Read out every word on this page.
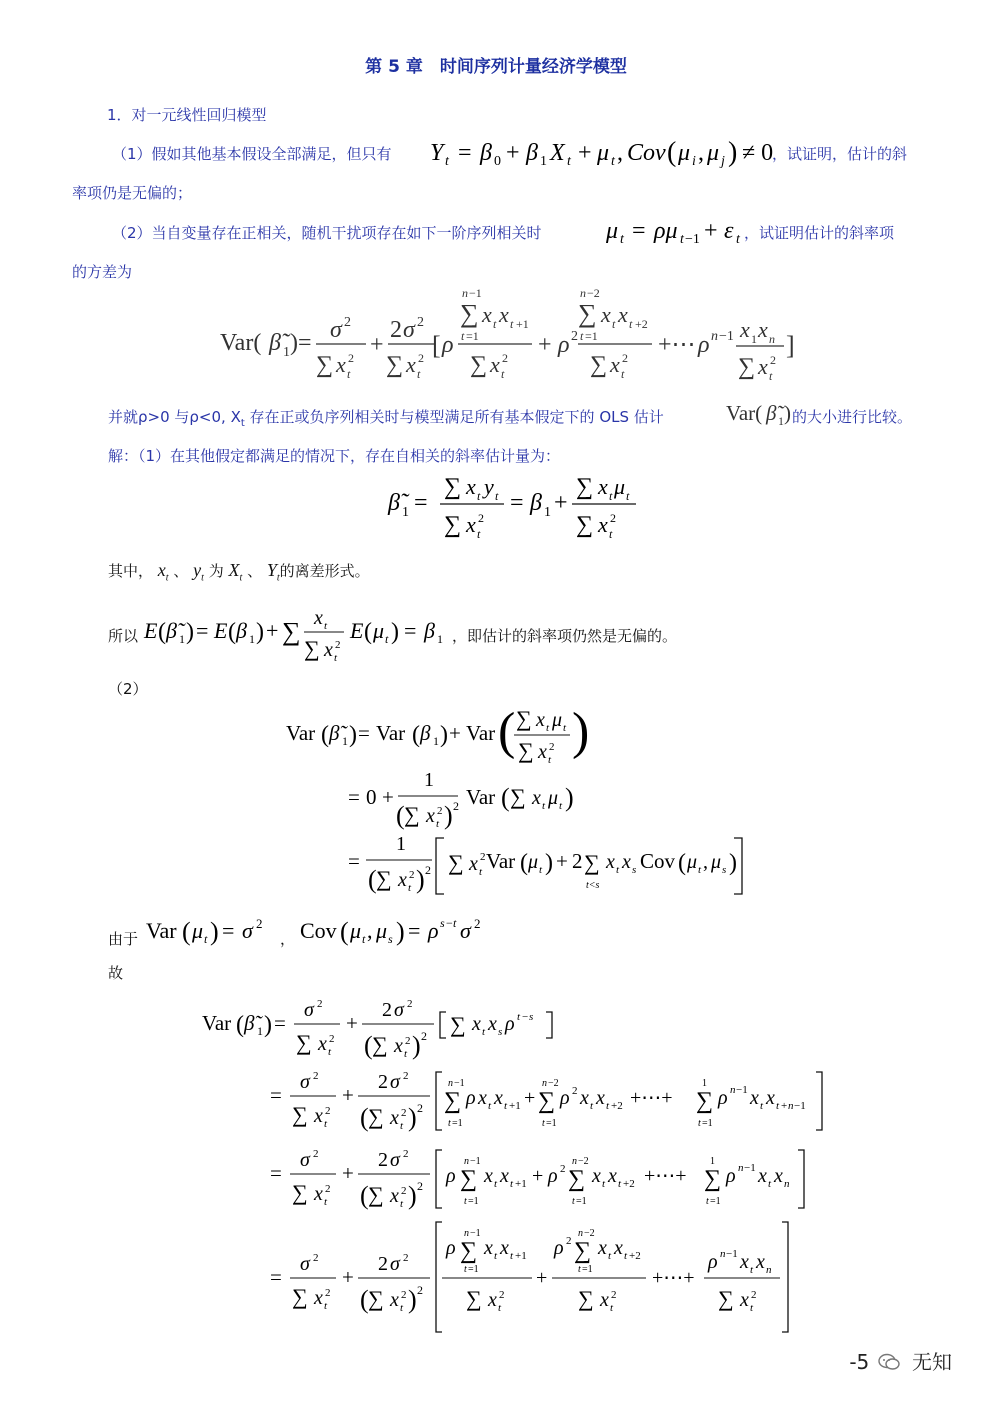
第 5 章　时间序列计量经济学模型
1．对一元线性回归模型
（1）假如其他基本假设全部满足，但只有 Y t = β 0 + β 1 X t + μ t , Cov ( μ i , μ j ) ≠ 0
，试证明，估计的斜
率项仍是无偏的；
（2）当自变量存在正相关，随机干扰项存在如下一阶序列相关时	μ t = ρμ t −1 + ε t ，试证明估计的斜率项
的方差为
Var( β̃ 1 )= σ 2
∑ x t
2 +
2 σ 2
∑ x t
2 [ ρ
n −1
∑ x t x t +1
t =1
∑ x t
2 + ρ 2
n −2
∑ x t x t +2
t =1
∑ x t
2 +⋯ ρ n −1 x 1 x n
∑ x t
2 ]
并就ρ>0 与ρ<0, $X_t$ 存在正或负序列相关时与模型满足所有基本假定下的 OLS 估计	Var( β̃ 1 ) 的大小进行比较。
解：（1）在其他假定都满足的情况下，存在自相关的斜率估计量为：
β̃ 1 =
∑ x t y t
∑ x t
2
= β 1 +
∑ x t μ t
∑ x t
2
其中， $x_t$ 、 $y_t$ 为 $X_t$ 、 $Y_t$的离差形式。
所以 E ( β̃ 1 ) = E ( β 1 ) + ∑ x t
∑ x t
2
E ( μ t ) = β 1 ，即估计的斜率项仍然是无偏的。
（2）
Var ( β̃ 1 ) = Var ( β 1 ) + Var ( ∑ x t μ t
∑ x t
2 )
= 0 +
1
( ∑ x t
2 ) 2 Var ( ∑ x t μ t )
=
1
( ∑ x t
2 ) 2 ∑ x t
2 Var ( μ t ) + 2 ∑
t<s
x t x s Cov ( μ t , μ s )
由于 Var ( μ t ) = σ 2 Cov ( μ t , μ s ) = ρ s − t σ 2
，
故
Var ( β̃ 1 ) =
σ 2
∑ x t
2
+
2 σ 2
( ∑ x t
2 ) 2 ∑ x t x s ρ t − s
=
σ 2
∑ x t
2
+
2 σ 2
( ∑ x t
2 ) 2
n −1
∑
t =1
ρ x t x t +1 +
n −2
∑
t =1
ρ 2 x t x t +2 +⋯+
1
∑
t =1
ρ n −1 x t x t + n −1
=
σ 2
∑ x t
2
+
2 σ 2
( ∑ x t
2 ) 2 ρ
n −1
∑
t =1
x t x t +1 + ρ 2
n −2
∑
t =1
x t x t +2 +⋯+
1
∑
t =1
ρ n −1 x t x n
=
σ 2
∑ x t
2
+
2 σ 2
( ∑ x t
2 ) 2
ρ
n −1
∑
t =1
x t x t +1
∑ x t
2
+
ρ 2
n −2
∑
t =1
x t x t +2
∑ x t
2
+⋯+
ρ n −1 x t x n
∑ x t
2
-5 无知
